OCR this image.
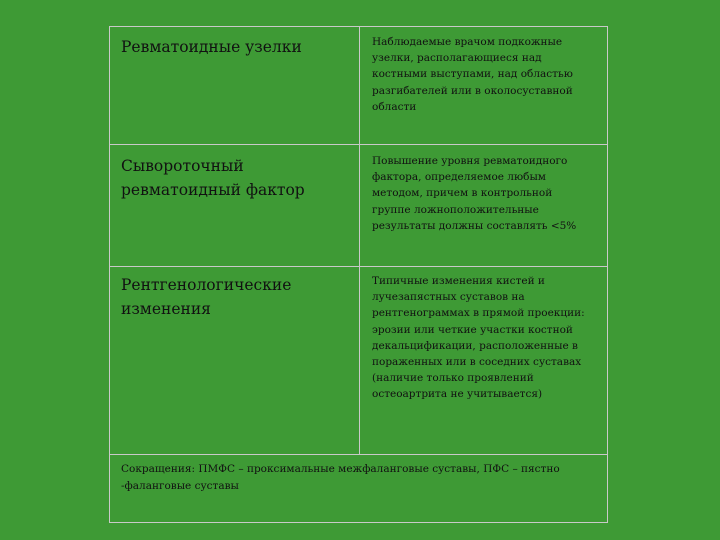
Ревматоидные узелки	Наблюдаемые врачом подкожные
узелки, располагающиеся над
костными выступами, над областью
разгибателей или в околосуставной
области
Сывороточный
ревматоидный фактор
Повышение уровня ревматоидного
фактора, определяемое любым
методом, причем в контрольной
группе ложноположительные
результаты должны составлять <5%
Рентгенологические
изменения
Типичные изменения кистей и
лучезапястных суставов на
рентгенограммах в прямой проекции:
эрозии или четкие участки костной
декальцификации, расположенные в
пораженных или в соседних суставах
(наличие только проявлений
остеоартрита не учитывается)
Сокращения: ПМФС – проксимальные межфаланговые суставы, ПФС – пястно
-фаланговые суставы
